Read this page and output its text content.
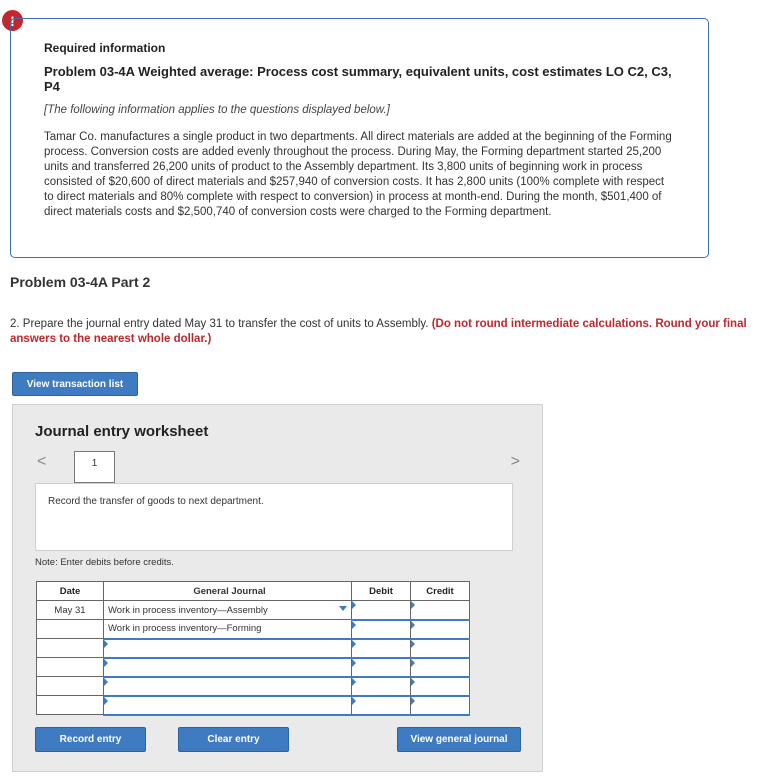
!
Required information
Problem 03-4A Weighted average: Process cost summary, equivalent units, cost estimates LO C2, C3, P4
[The following information applies to the questions displayed below.]
Tamar Co. manufactures a single product in two departments. All direct materials are added at the beginning of the Forming process. Conversion costs are added evenly throughout the process. During May, the Forming department started 25,200 units and transferred 26,200 units of product to the Assembly department. Its 3,800 units of beginning work in process consisted of $20,600 of direct materials and $257,940 of conversion costs. It has 2,800 units (100% complete with respect to direct materials and 80% complete with respect to conversion) in process at month-end. During the month, $501,400 of direct materials costs and $2,500,740 of conversion costs were charged to the Forming department.
Problem 03-4A Part 2
2. Prepare the journal entry dated May 31 to transfer the cost of units to Assembly. (Do not round intermediate calculations. Round your final answers to the nearest whole dollar.)
View transaction list
Journal entry worksheet
<	1	>
Record the transfer of goods to next department.
Note: Enter debits before credits.
Date	General Journal	Debit	Credit
May 31	Work in process inventory—Assembly

	Work in process inventory—Forming	

Record entry	Clear entry	View general journal
